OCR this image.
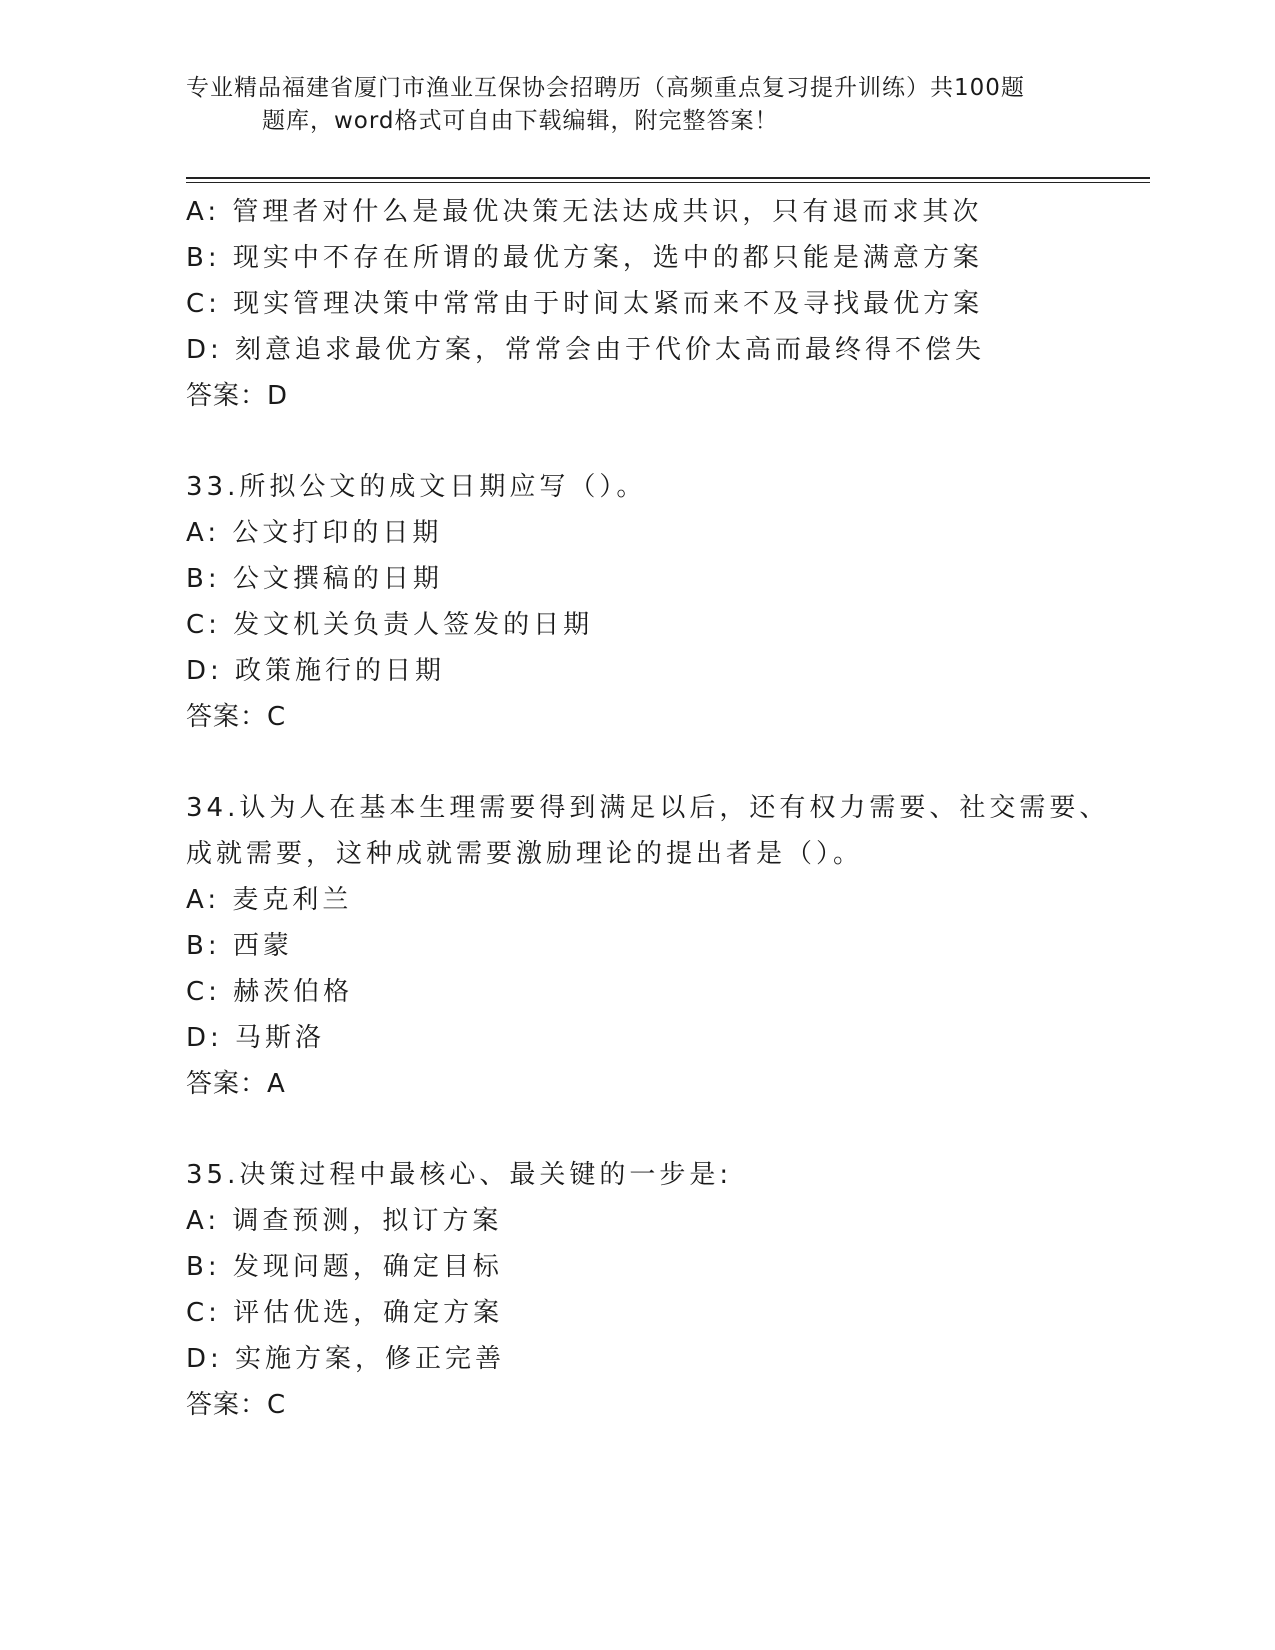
专业精品福建省厦门市渔业互保协会招聘历（高频重点复习提升训练）共100题
题库，word格式可自由下载编辑，附完整答案！
A: 管理者对什么是最优决策无法达成共识，只有退而求其次
B: 现实中不存在所谓的最优方案，选中的都只能是满意方案
C: 现实管理决策中常常由于时间太紧而来不及寻找最优方案
D: 刻意追求最优方案，常常会由于代价太高而最终得不偿失
答案：D
33.所拟公文的成文日期应写（）。
A: 公文打印的日期
B: 公文撰稿的日期
C: 发文机关负责人签发的日期
D: 政策施行的日期
答案：C
34.认为人在基本生理需要得到满足以后，还有权力需要、社交需要、
成就需要，这种成就需要激励理论的提出者是（）。
A: 麦克利兰
B: 西蒙
C: 赫茨伯格
D: 马斯洛
答案：A
35.决策过程中最核心、最关键的一步是:
A: 调查预测，拟订方案
B: 发现问题，确定目标
C: 评估优选，确定方案
D: 实施方案，修正完善
答案：C
